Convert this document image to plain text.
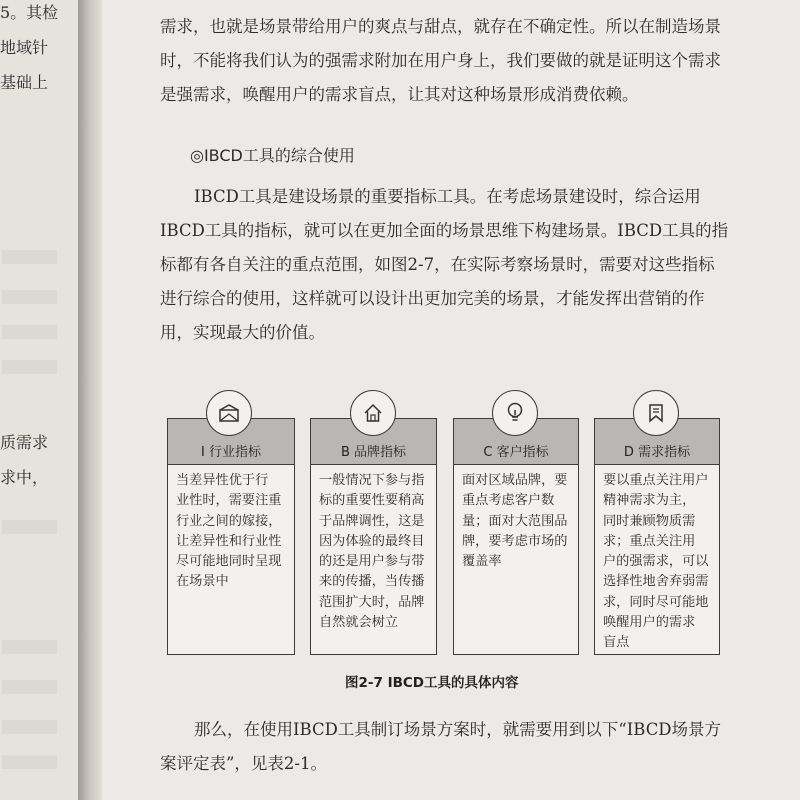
5。其检
地域针
基础上
质需求
求中，
需求，也就是场景带给用户的爽点与甜点，就存在不确定性。所以在制造场景
时，不能将我们认为的强需求附加在用户身上，我们要做的就是证明这个需求
是强需求，唤醒用户的需求盲点，让其对这种场景形成消费依赖。
◎IBCD工具的综合使用
IBCD工具是建设场景的重要指标工具。在考虑场景建设时，综合运用
IBCD工具的指标，就可以在更加全面的场景思维下构建场景。IBCD工具的指
标都有各自关注的重点范围，如图2-7，在实际考察场景时，需要对这些指标
进行综合的使用，这样就可以设计出更加完美的场景，才能发挥出营销的作
用，实现最大的价值。
I 行业指标
当差异性优于行
业性时，需要注重
行业之间的嫁接，
让差异性和行业性
尽可能地同时呈现
在场景中
B 品牌指标
一般情况下参与指
标的重要性要稍高
于品牌调性，这是
因为体验的最终目
的还是用户参与带
来的传播，当传播
范围扩大时，品牌
自然就会树立
C 客户指标
面对区域品牌，要
重点考虑客户数
量；面对大范围品
牌，要考虑市场的
覆盖率
D 需求指标
要以重点关注用户
精神需求为主，
同时兼顾物质需
求；重点关注用
户的强需求，可以
选择性地舍弃弱需
求，同时尽可能地
唤醒用户的需求
盲点
图2-7 IBCD工具的具体内容
那么，在使用IBCD工具制订场景方案时，就需要用到以下“IBCD场景方
案评定表”，见表2-1。
